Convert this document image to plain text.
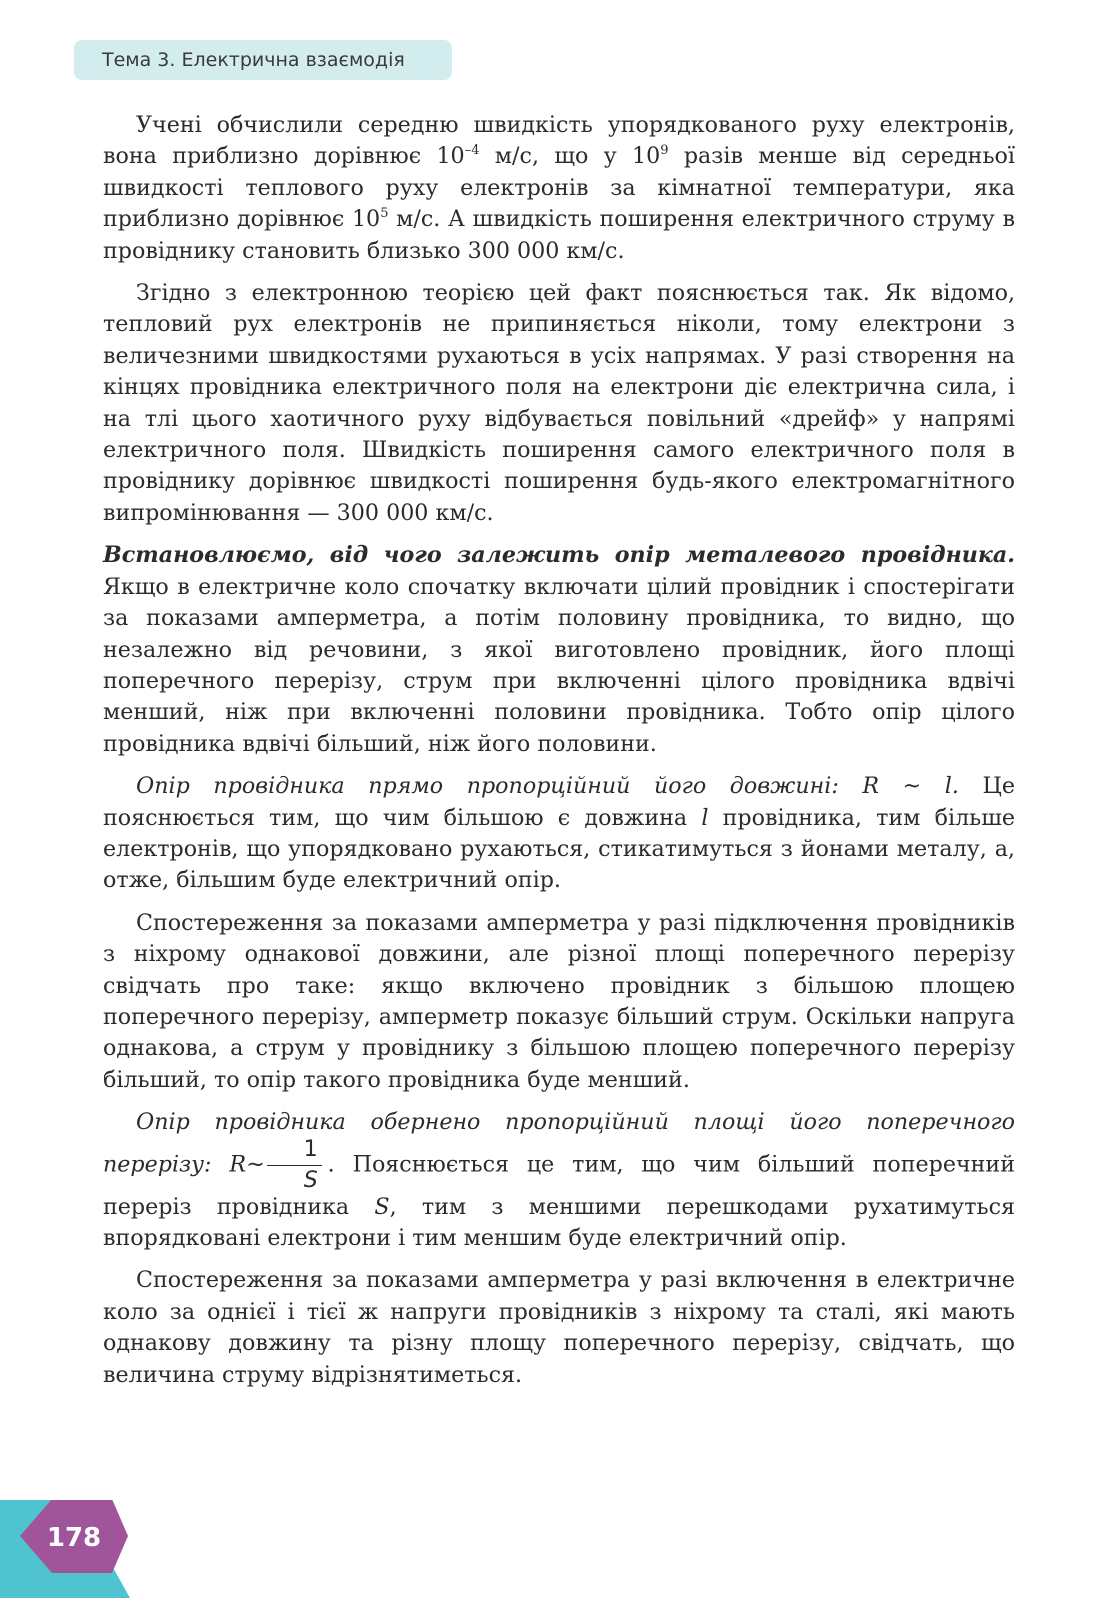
Тема 3. Електрична взаємодія

Учені обчислили середню швидкість упорядкованого руху електронів, вона приблизно дорівнює $10^{-4}$ м/с, що у $10^9$ разів менше від середньої швидкості теплового руху електронів за кімнатної температури, яка приблизно дорівнює $10^5$ м/с. А швидкість поширення електричного струму в провіднику становить близько 300 000 км/с.

Згідно з електронною теорією цей факт пояснюється так. Як відомо, тепловий рух електронів не припиняється ніколи, тому електрони з величезними швидкостями рухаються в усіх напрямах. У разі створення на кінцях провідника електричного поля на електрони діє електрична сила, і на тлі цього хаотичного руху відбувається повільний «дрейф» у напрямі електричного поля. Швидкість поширення самого електричного поля в провіднику дорівнює швидкості поширення будь-якого електромагнітного випромінювання — 300 000 км/с.

Встановлюємо, від чого залежить опір металевого провідника. Якщо в електричне коло спочатку включати цілий провідник і спостерігати за показами амперметра, а потім половину провідника, то видно, що незалежно від речовини, з якої виготовлено провідник, його площі поперечного перерізу, струм при включенні цілого провідника вдвічі менший, ніж при включенні половини провідника. Тобто опір цілого провідника вдвічі більший, ніж його половини.

Опір провідника прямо пропорційний його довжині: R ~ l. Це пояснюється тим, що чим більшою є довжина l провідника, тим більше електронів, що упорядковано рухаються, стикатимуться з йонами металу, а, отже, більшим буде електричний опір.

Спостереження за показами амперметра у разі підключення провідників з ніхрому однакової довжини, але різної площі поперечного перерізу свідчать про таке: якщо включено провідник з більшою площею поперечного перерізу, амперметр показує більший струм. Оскільки напруга однакова, а струм у провіднику з більшою площею поперечного перерізу більший, то опір такого провідника буде менший.

Опір провідника обернено пропорційний площі його поперечного перерізу: R~ $\frac{1}{S}$ . Пояснюється це тим, що чим більший поперечний переріз провідника S, тим з меншими перешкодами рухатимуться впорядковані електрони і тим меншим буде електричний опір.

Спостереження за показами амперметра у разі включення в електричне коло за однієї і тієї ж напруги провідників з ніхрому та сталі, які мають однакову довжину та різну площу поперечного перерізу, свідчать, що величина струму відрізнятиметься.

178
